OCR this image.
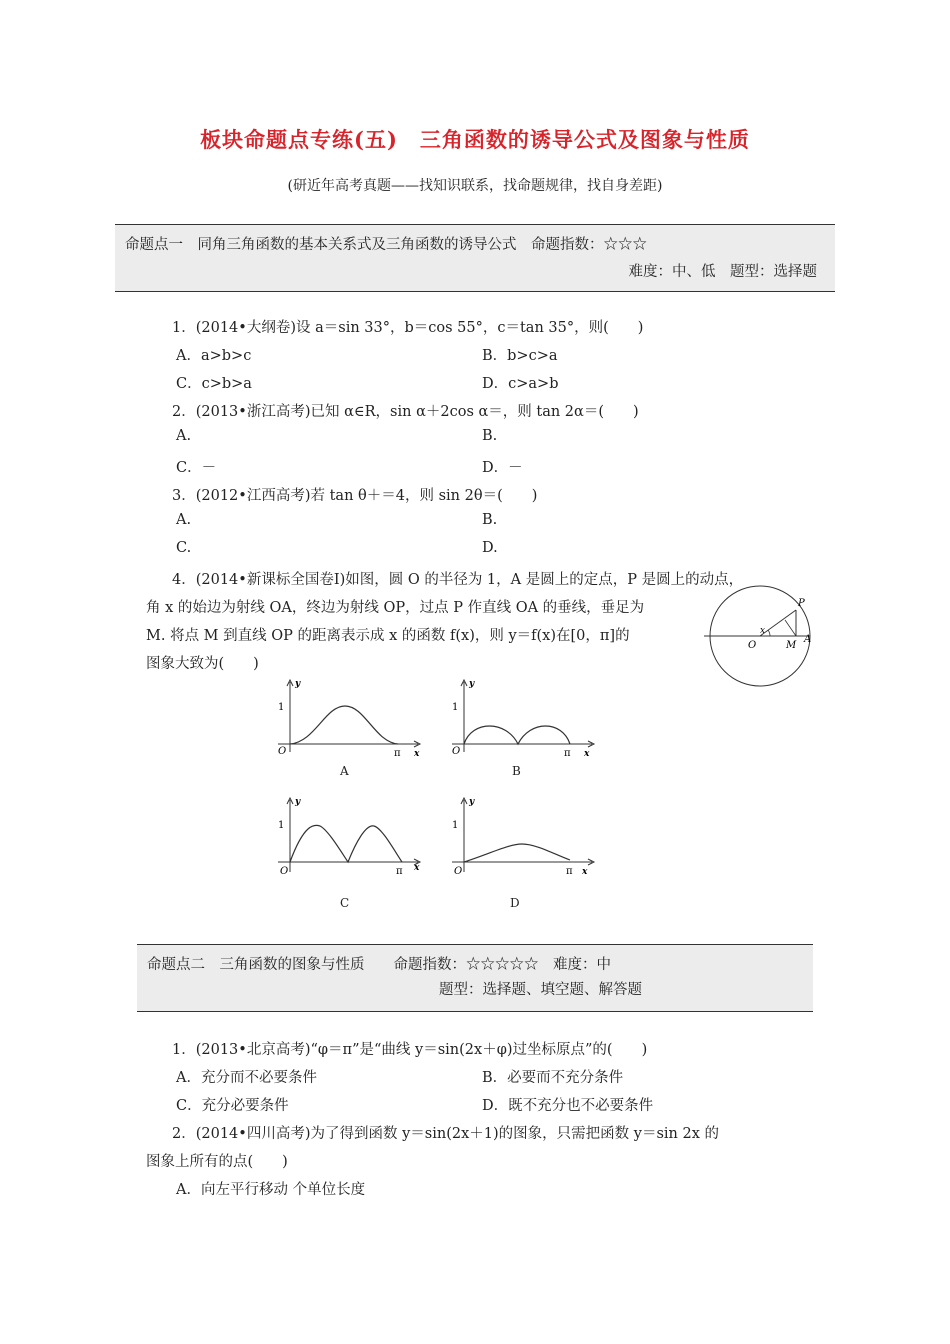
板块命题点专练(五)　三角函数的诱导公式及图象与性质
(研近年高考真题——找知识联系，找命题规律，找自身差距)
命题点一　同角三角函数的基本关系式及三角函数的诱导公式　命题指数：☆☆☆
难度：中、低　题型：选择题
1．(2014•大纲卷)设 a＝sin 33°，b＝cos 55°，c＝tan 35°，则(　　)
A．a>b>c	B．b>c>a
C．c>b>a	D．c>a>b
2．(2013•浙江高考)已知 α∈R，sin α＋2cos α＝，则 tan 2α＝(　　)
A.	B.
C．－	D．－
3．(2012•江西高考)若 tan θ＋＝4，则 sin 2θ＝(　　)
A.	B.
C.	D.
4．(2014•新课标全国卷Ⅰ)如图，圆 O 的半径为 1，A 是圆上的定点，P 是圆上的动点，
角 x 的始边为射线 OA，终边为射线 OP，过点 P 作直线 OA 的垂线，垂足为
M. 将点 M 到直线 OP 的距离表示成 x 的函数 f(x)，则 y＝f(x)在[0，π]的
图象大致为(　　)
P
x
O	M
A
y
1
O	π x
A
y
1
O	π x
B
y
1
O	π x
C
y
1
O	π x
D
命题点二　三角函数的图象与性质　　命题指数：☆☆☆☆☆　难度：中
题型：选择题、填空题、解答题
1．(2013•北京高考)“φ＝π”是“曲线 y＝sin(2x＋φ)过坐标原点”的(　　)
A．充分而不必要条件	B．必要而不充分条件
C．充分必要条件	D．既不充分也不必要条件
2．(2014•四川高考)为了得到函数 y＝sin(2x＋1)的图象，只需把函数 y＝sin 2x 的
图象上所有的点(　　)
A．向左平行移动 个单位长度
